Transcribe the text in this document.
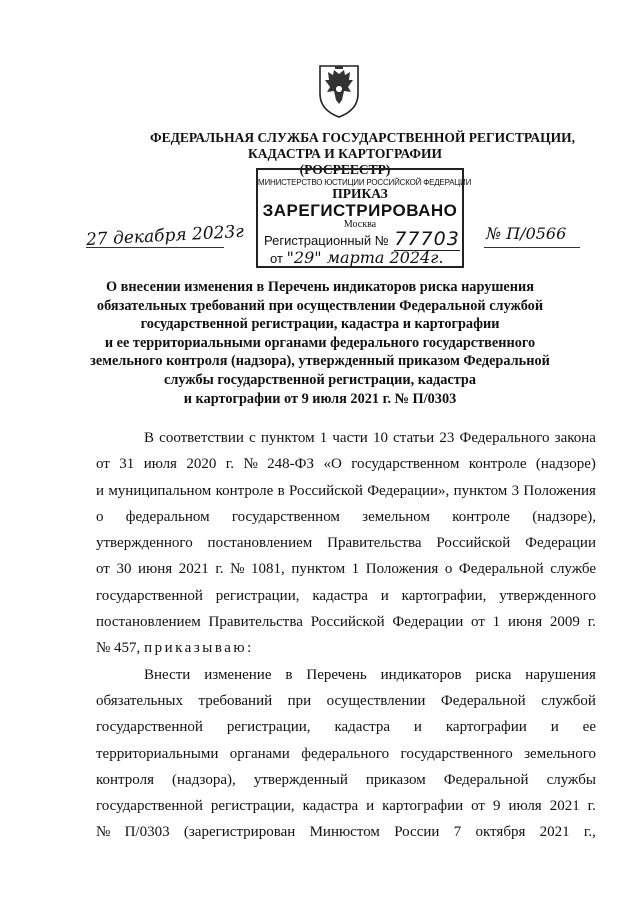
ФЕДЕРАЛЬНАЯ СЛУЖБА ГОСУДАРСТВЕННОЙ РЕГИСТРАЦИИ,
КАДАСТРА И КАРТОГРАФИИ
(РОСРЕЕСТР)
МИНИСТЕРСТВО ЮСТИЦИИ РОССИЙСКОЙ ФЕДЕРАЦИИ
ПРИКАЗ
ЗАРЕГИСТРИРОВАНО
Москва
Регистрационный № 77703
от "29" марта 2024г.
27 декабря 2023г	№ П/0566
О внесении изменения в Перечень индикаторов риска нарушения
обязательных требований при осуществлении Федеральной службой
государственной регистрации, кадастра и картографии
и ее территориальными органами федерального государственного
земельного контроля (надзора), утвержденный приказом Федеральной
службы государственной регистрации, кадастра
и картографии от 9 июля 2021 г. № П/0303
В соответствии с пунктом 1 части 10 статьи 23 Федерального закона
от 31 июля 2020 г. № 248-ФЗ «О государственном контроле (надзоре)
и муниципальном контроле в Российской Федерации», пунктом 3 Положения
о федеральном государственном земельном контроле (надзоре),
утвержденного постановлением Правительства Российской Федерации
от 30 июня 2021 г. № 1081, пунктом 1 Положения о Федеральной службе
государственной регистрации, кадастра и картографии, утвержденного
постановлением Правительства Российской Федерации от 1 июня 2009 г.
№ 457,
приказываю:
Внести изменение в Перечень индикаторов риска нарушения
обязательных требований при осуществлении Федеральной службой
государственной регистрации, кадастра и картографии и ее
территориальными органами федерального государственного земельного
контроля (надзора), утвержденный приказом Федеральной службы
государственной регистрации, кадастра и картографии от 9 июля 2021 г.
№ П/0303 (зарегистрирован Минюстом России 7 октября 2021 г.,
